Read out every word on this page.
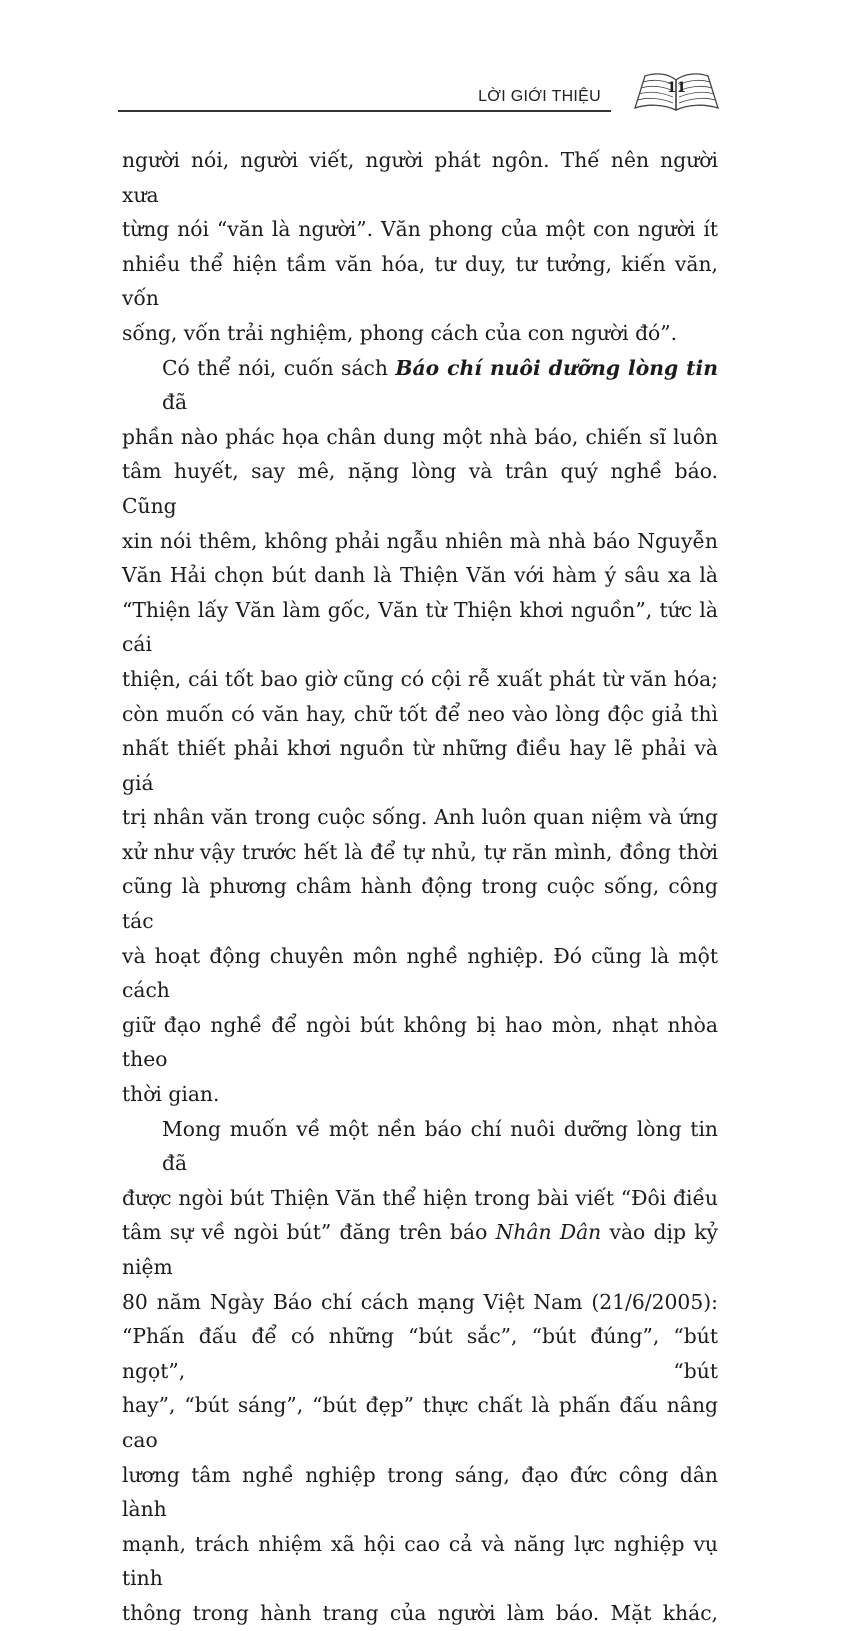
LỜI GIỚI THIỆU	11

người nói, người viết, người phát ngôn. Thế nên người xưa
từng nói “văn là người”. Văn phong của một con người ít
nhiều thể hiện tầm văn hóa, tư duy, tư tưởng, kiến văn, vốn
sống, vốn trải nghiệm, phong cách của con người đó”.

Có thể nói, cuốn sách Báo chí nuôi dưỡng lòng tin đã
phần nào phác họa chân dung một nhà báo, chiến sĩ luôn
tâm huyết, say mê, nặng lòng và trân quý nghề báo. Cũng
xin nói thêm, không phải ngẫu nhiên mà nhà báo Nguyễn
Văn Hải chọn bút danh là Thiện Văn với hàm ý sâu xa là
“Thiện lấy Văn làm gốc, Văn từ Thiện khơi nguồn”, tức là cái
thiện, cái tốt bao giờ cũng có cội rễ xuất phát từ văn hóa;
còn muốn có văn hay, chữ tốt để neo vào lòng độc giả thì
nhất thiết phải khơi nguồn từ những điều hay lẽ phải và giá
trị nhân văn trong cuộc sống. Anh luôn quan niệm và ứng
xử như vậy trước hết là để tự nhủ, tự răn mình, đồng thời
cũng là phương châm hành động trong cuộc sống, công tác
và hoạt động chuyên môn nghề nghiệp. Đó cũng là một cách
giữ đạo nghề để ngòi bút không bị hao mòn, nhạt nhòa theo
thời gian.

Mong muốn về một nền báo chí nuôi dưỡng lòng tin đã
được ngòi bút Thiện Văn thể hiện trong bài viết “Đôi điều
tâm sự về ngòi bút” đăng trên báo Nhân Dân vào dịp kỷ niệm
80 năm Ngày Báo chí cách mạng Việt Nam (21/6/2005):
“Phấn đấu để có những “bút sắc”, “bút đúng”, “bút ngọt”, “bút
hay”, “bút sáng”, “bút đẹp” thực chất là phấn đấu nâng cao
lương tâm nghề nghiệp trong sáng, đạo đức công dân lành
mạnh, trách nhiệm xã hội cao cả và năng lực nghiệp vụ tinh
thông trong hành trang của người làm báo. Mặt khác,
